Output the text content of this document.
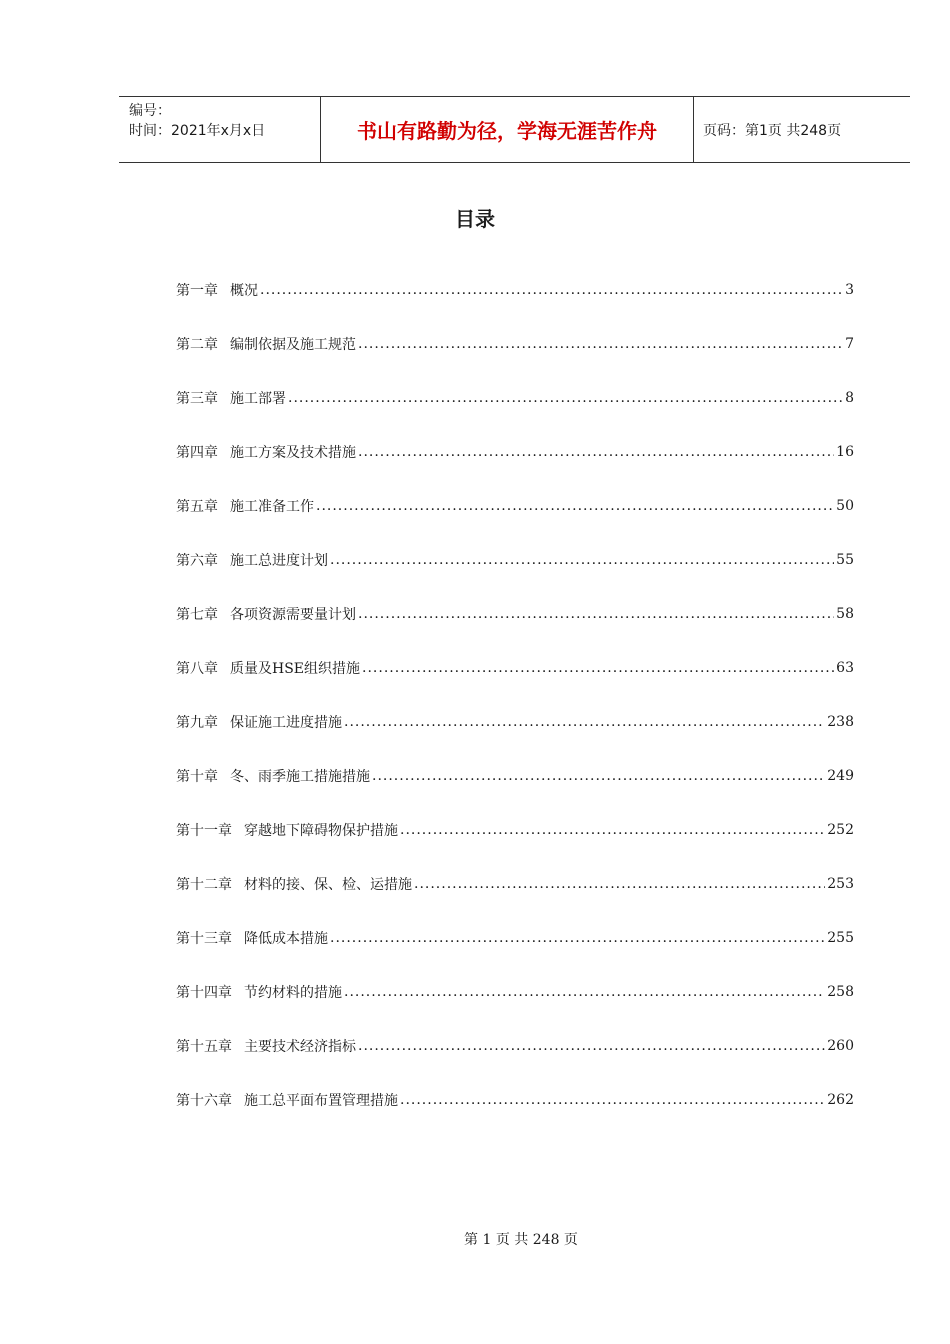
编号：
时间：2021年x月x日	书山有路勤为径，学海无涯苦作舟	页码：第1页 共248页
目录
第一章 概况 .....	3
第二章 编制依据及施工规范 .....	7
第三章 施工部署 .....	8
第四章 施工方案及技术措施 .....	16
第五章 施工准备工作 .....	50
第六章 施工总进度计划 .....	55
第七章 各项资源需要量计划 .....	58
第八章 质量及HSE组织措施 .....	63
第九章 保证施工进度措施 .....	238
第十章 冬、雨季施工措施措施 .....	249
第十一章 穿越地下障碍物保护措施 .....	252
第十二章 材料的接、保、检、运措施 .....	253
第十三章 降低成本措施 .....	255
第十四章 节约材料的措施 .....	258
第十五章 主要技术经济指标 .....	260
第十六章 施工总平面布置管理措施 .....	262
第 1 页 共 248 页
